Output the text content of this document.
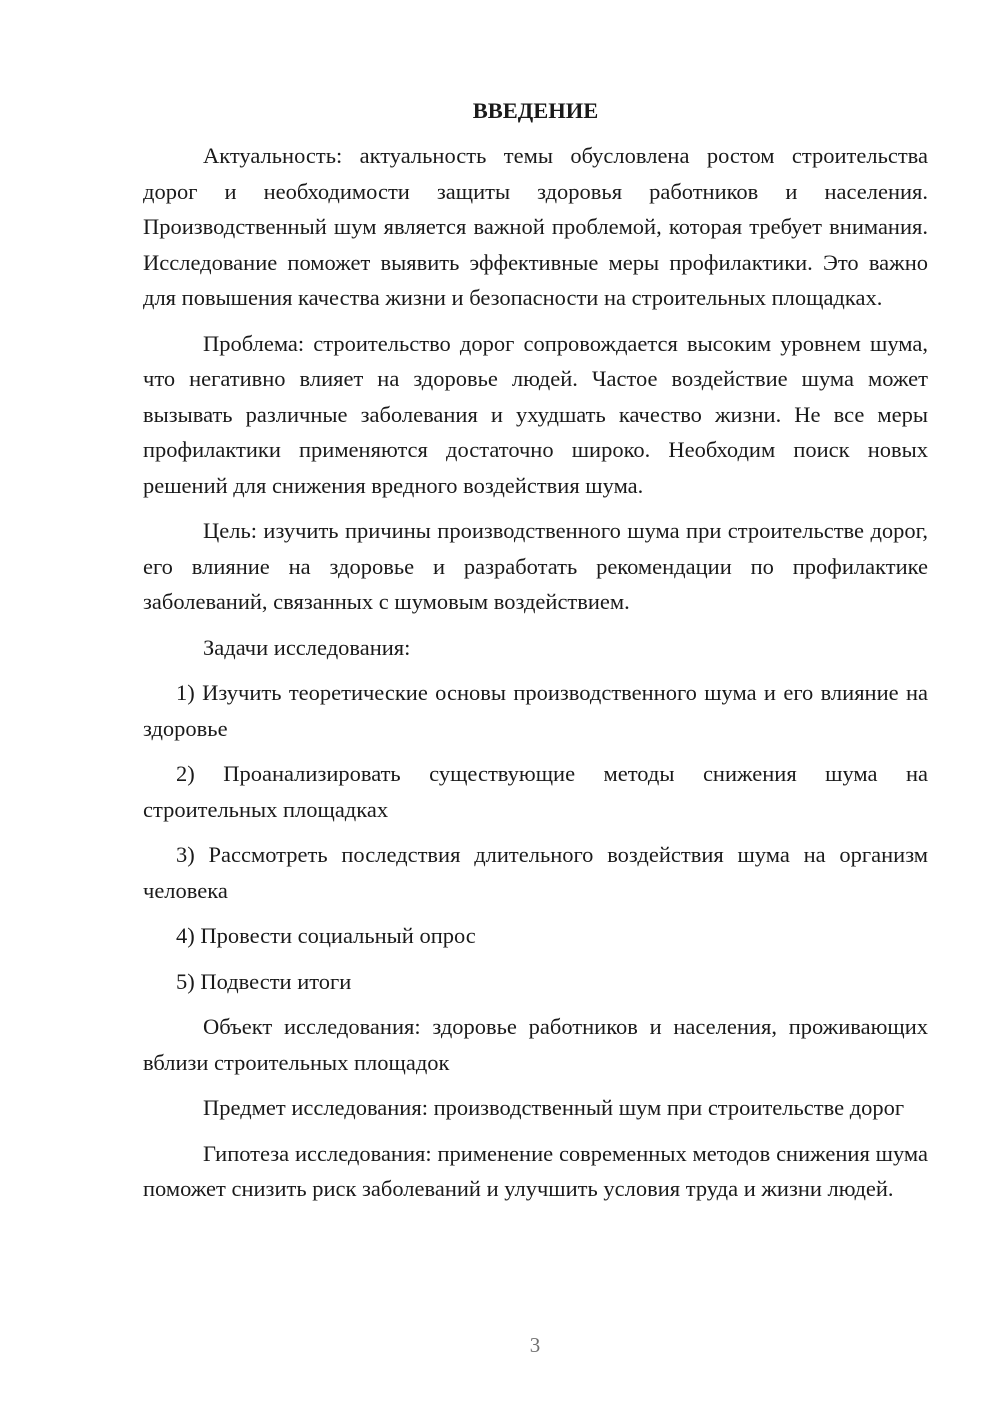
ВВЕДЕНИЕ

Актуальность: актуальность темы обусловлена ростом строительства дорог и необходимости защиты здоровья работников и населения. Производственный шум является важной проблемой, которая требует внимания. Исследование поможет выявить эффективные меры профилактики. Это важно для повышения качества жизни и безопасности на строительных площадках.

Проблема: строительство дорог сопровождается высоким уровнем шума, что негативно влияет на здоровье людей. Частое воздействие шума может вызывать различные заболевания и ухудшать качество жизни. Не все меры профилактики применяются достаточно широко. Необходим поиск новых решений для снижения вредного воздействия шума.

Цель: изучить причины производственного шума при строительстве дорог, его влияние на здоровье и разработать рекомендации по профилактике заболеваний, связанных с шумовым воздействием.

Задачи исследования:

1) Изучить теоретические основы производственного шума и его влияние на здоровье

2) Проанализировать существующие методы снижения шума на строительных площадках

3) Рассмотреть последствия длительного воздействия шума на организм человека

4) Провести социальный опрос

5) Подвести итоги

Объект исследования: здоровье работников и населения, проживающих вблизи строительных площадок

Предмет исследования: производственный шум при строительстве дорог

Гипотеза исследования: применение современных методов снижения шума поможет снизить риск заболеваний и улучшить условия труда и жизни людей.

3
